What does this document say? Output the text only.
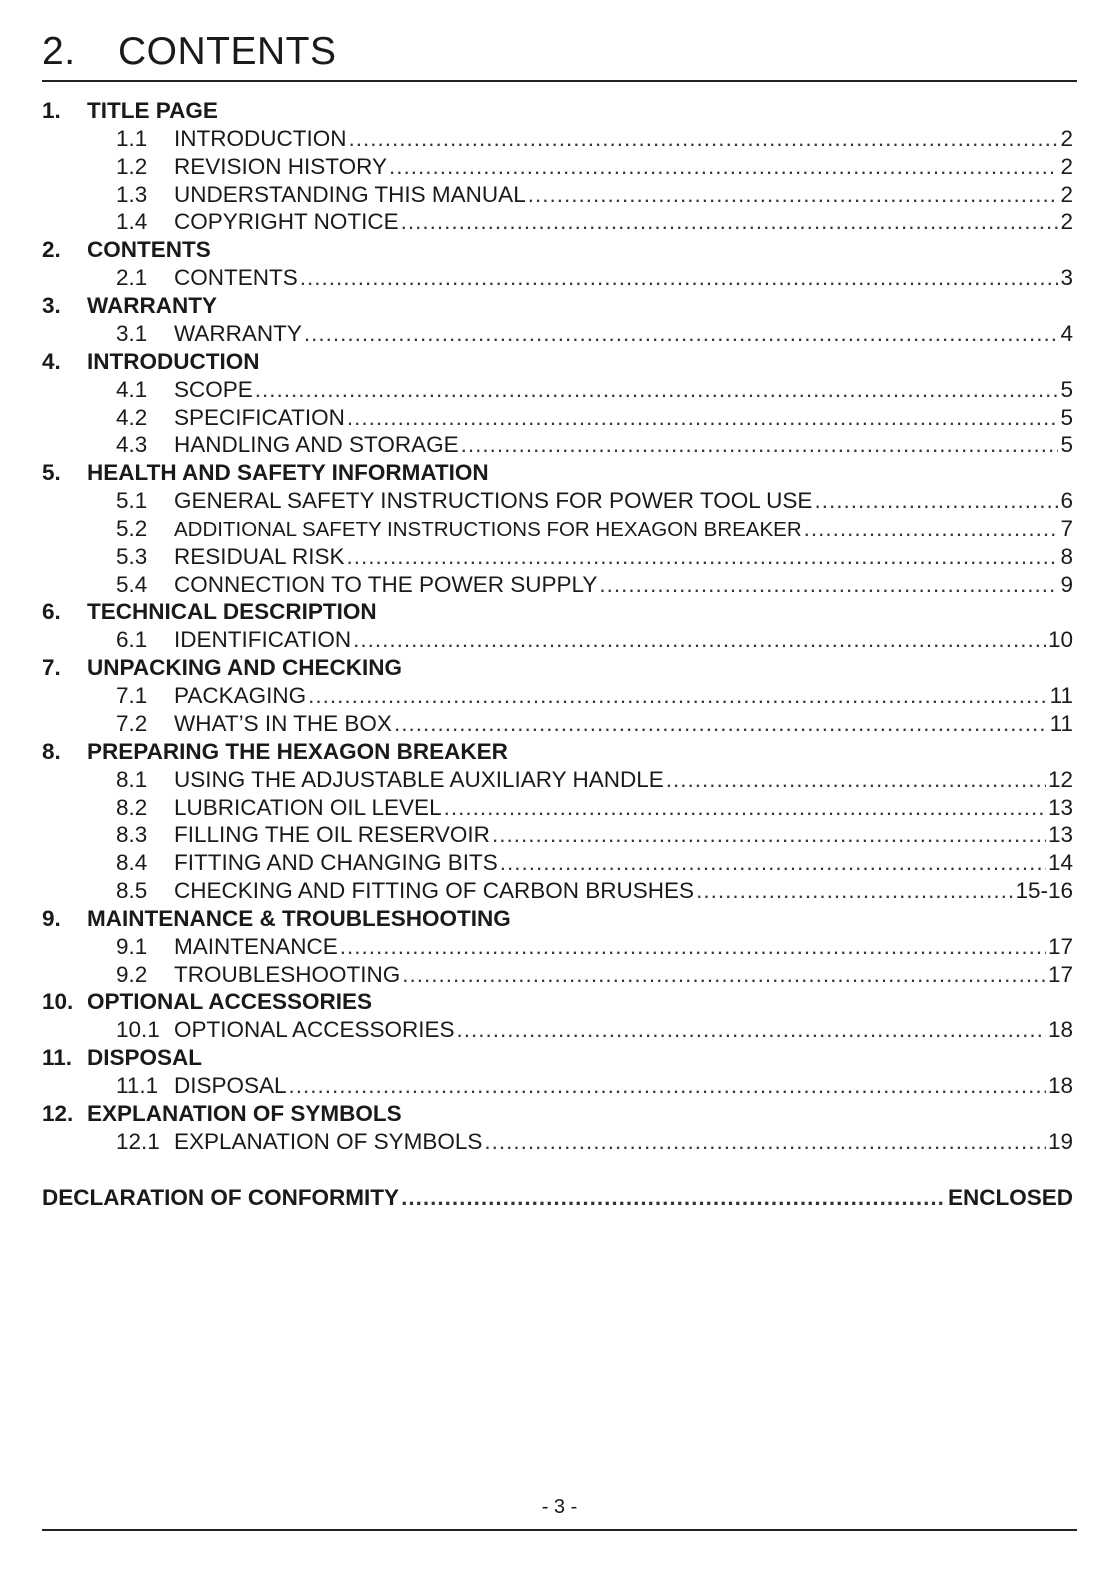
2.	CONTENTS
1.	TITLE PAGE
1.1	INTRODUCTION .....	2
1.2	REVISION HISTORY .....	2
1.3	UNDERSTANDING THIS MANUAL .....	2
1.4	COPYRIGHT NOTICE .....	2
2.	CONTENTS
2.1	CONTENTS .....	3
3.	WARRANTY
3.1	WARRANTY .....	4
4.	INTRODUCTION
4.1	SCOPE .....	5
4.2	SPECIFICATION .....	5
4.3	HANDLING AND STORAGE .....	5
5.	HEALTH AND SAFETY INFORMATION
5.1	GENERAL SAFETY INSTRUCTIONS FOR POWER TOOL USE .....	6
5.2	ADDITIONAL SAFETY INSTRUCTIONS FOR HEXAGON BREAKER .....	7
5.3	RESIDUAL RISK .....	8
5.4	CONNECTION TO THE POWER SUPPLY .....	9
6.	TECHNICAL DESCRIPTION
6.1	IDENTIFICATION .....	10
7.	UNPACKING AND CHECKING
7.1	PACKAGING .....	11
7.2	WHAT’S IN THE BOX .....	11
8.	PREPARING THE HEXAGON BREAKER
8.1	USING THE ADJUSTABLE AUXILIARY HANDLE .....	12
8.2	LUBRICATION OIL LEVEL .....	13
8.3	FILLING THE OIL RESERVOIR .....	13
8.4	FITTING AND CHANGING BITS .....	14
8.5	CHECKING AND FITTING OF CARBON BRUSHES .....	15-16
9.	MAINTENANCE & TROUBLESHOOTING
9.1	MAINTENANCE .....	17
9.2	TROUBLESHOOTING .....	17
10. OPTIONAL ACCESSORIES
10.1 OPTIONAL ACCESSORIES .....	18
11. DISPOSAL
11.1 DISPOSAL .....	18
12. EXPLANATION OF SYMBOLS
12.1 EXPLANATION OF SYMBOLS .....	19
DECLARATION OF CONFORMITY .....	ENCLOSED
- 3 -
